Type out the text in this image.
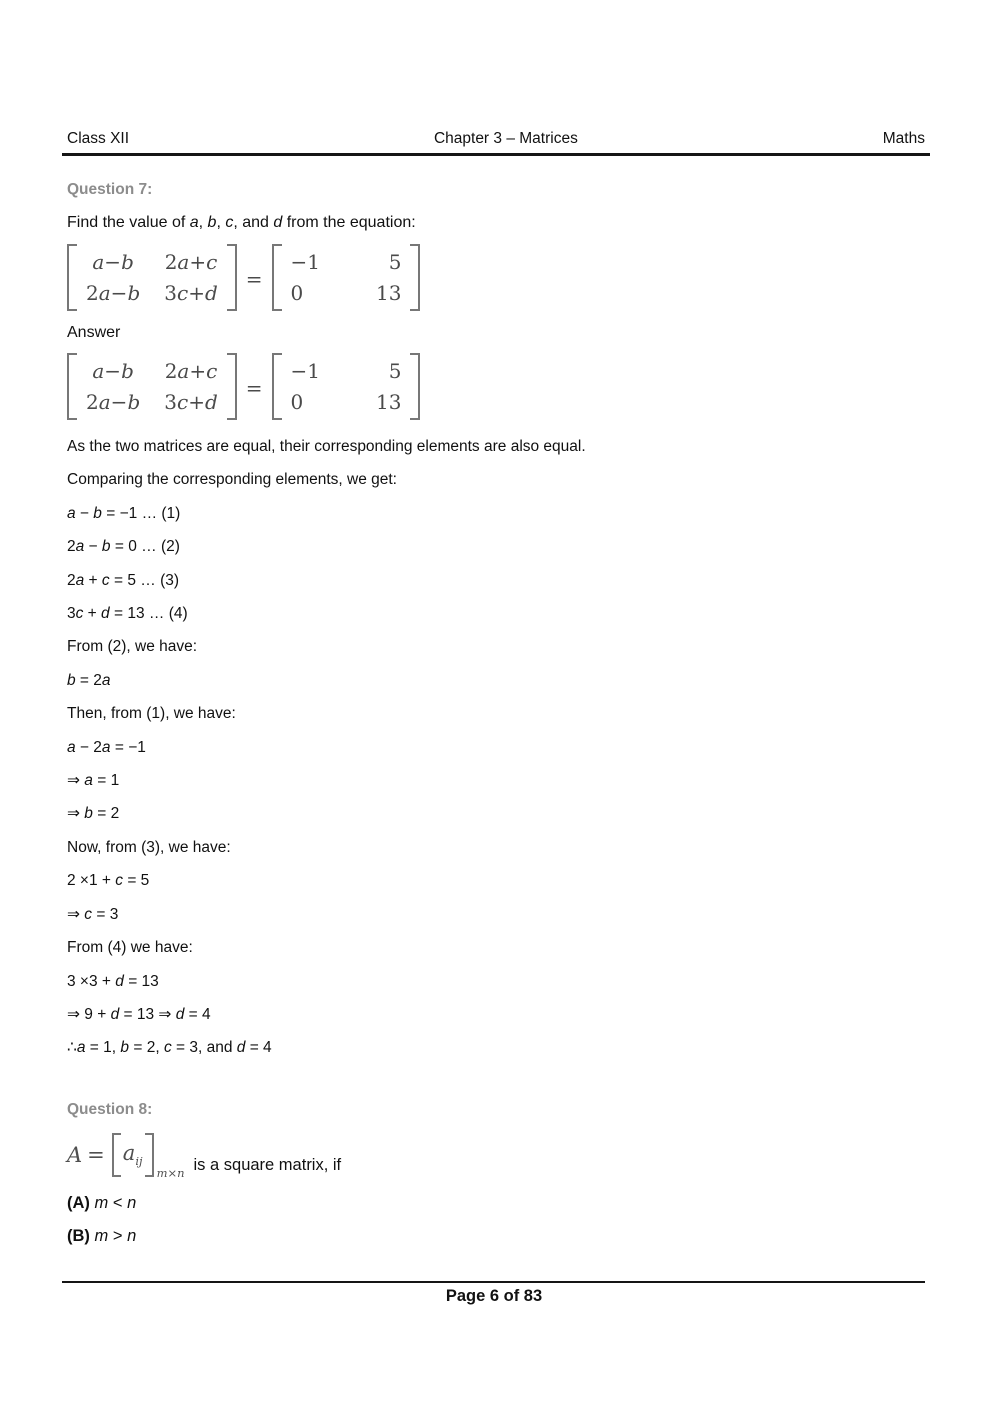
Class XII	Chapter 3 – Matrices	Maths
Question 7:

Find the value of a, b, c, and d from the equation:

a−b	2a+c
2a−b 3c+d
=
−1	5
0	13

Answer

a−b	2a+c
2a−b 3c+d
=
−1	5
0	13

As the two matrices are equal, their corresponding elements are also equal.

Comparing the corresponding elements, we get:

a − b = −1 … (1)

2a − b = 0 … (2)

2a + c = 5 … (3)

3c + d = 13 … (4)

From (2), we have:

b = 2a

Then, from (1), we have:

a − 2a = −1

⇒ a = 1

⇒ b = 2

Now, from (3), we have:

2 ×1 + c = 5

⇒ c = 3

From (4) we have:

3 ×3 + d = 13

⇒ 9 + d = 13 ⇒ d = 4

∴a = 1, b = 2, c = 3, and d = 4

Question 8:
$A = a_{ij}$
$_{m\times n}$ is a square matrix, if

(A) m < n

(B) m > n

Page 6 of 83
